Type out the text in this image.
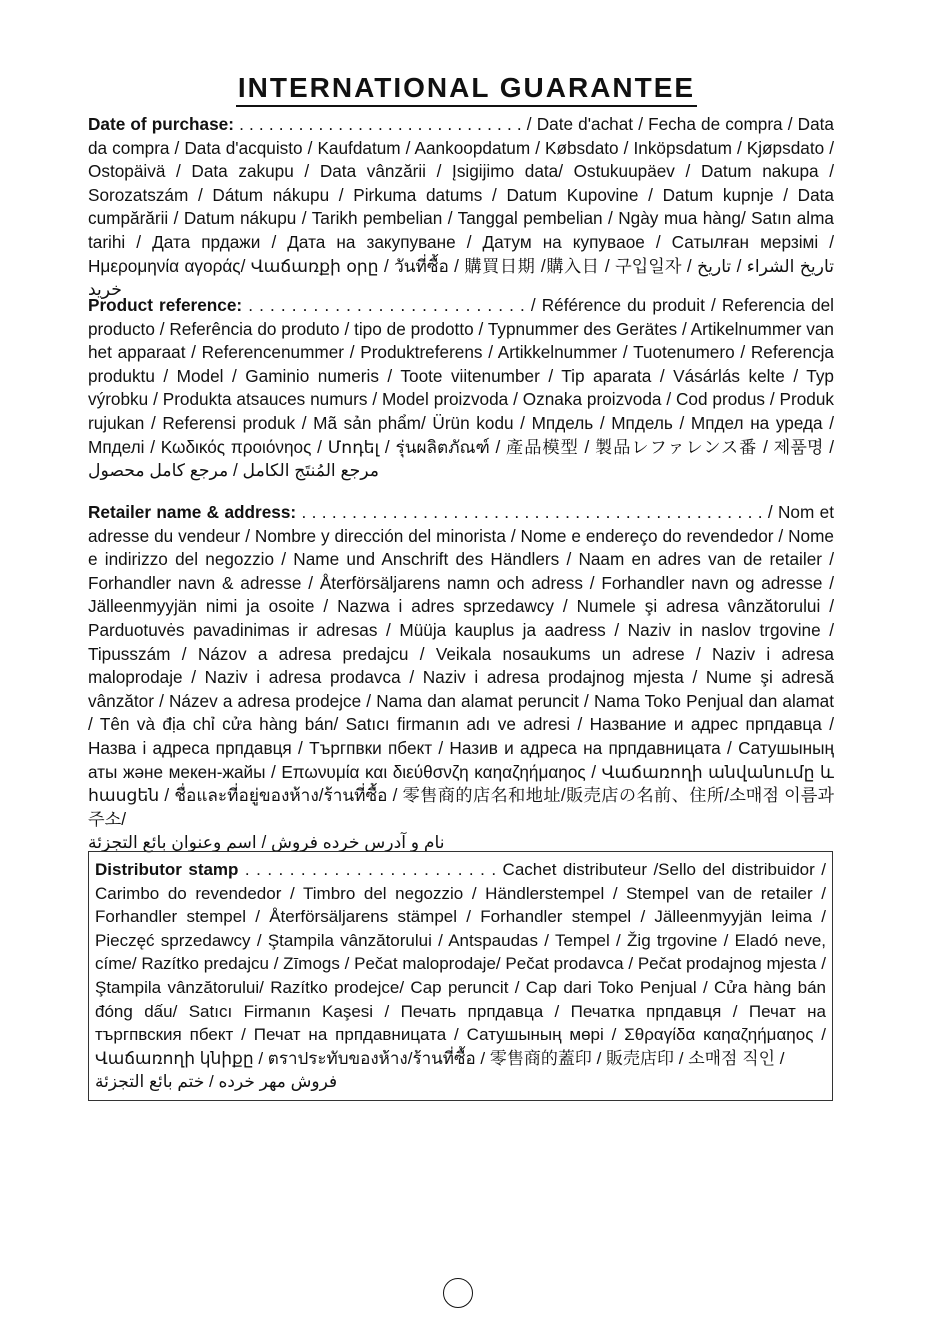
INTERNATIONAL GUARANTEE
Date of purchase: . . . . . . . . . . . . . . . . . . . . . . . . . . . . . / Date d'achat / Fecha de compra / Data da compra / Data d'acquisto / Kaufdatum / Aankoopdatum / Købsdato / Inköpsdatum / Kjøpsdato / Ostopäivä / Data zakupu / Data vânzării / Įsigijimo data/ Ostukuupäev / Datum nakupa / Sorozatszám / Dátum nákupu / Pirkuma datums / Datum Kupovine / Datum kupnje / Data cumpărării / Datum nákupu / Tarikh pembelian / Tanggal pembelian / Ngày mua hàng/ Satın alma tarihi / Дата прдажи / Дата на закупуване / Датум на купувaое / Сатылған мерзімі / Ημερομηνία αγοράς/ Վաճառքի օրը / วันที่ซื้อ / 購買日期 /購入日 / 구입일자 / تاريخ الشراء / تاريخ خريد
Product reference: . . . . . . . . . . . . . . . . . . . . . . . . . . / Référence du produit / Referencia del producto / Referência do produto / tipo de prodotto / Typnummer des Gerätes / Artikelnummer van het apparaat / Referencenummer / Produktreferens / Artikkelnummer / Tuotenumero / Referencja produktu / Model / Gaminio numeris / Toote viitenumber / Tip aparata / Vásárlás kelte / Typ výrobku / Produkta atsauces numurs / Model proizvoda / Oznaka proizvoda / Cod produs / Produk rujukan / Referensi produk / Mã sản phẩm/ Ürün kodu / Мпдель / Мпдель / Мпдел на уреда / Мпделі / Κωδικός προιόνηος / Մոդել / รุ่นผลิตภัณฑ์ / 產品模型 / 製品レファレンス番 / 제품명 / مرجع المُنتَج الكامل / مرجع كامل محصول
Retailer name & address: . . . . . . . . . . . . . . . . . . . . . . . . . . . . . . . . . . . . . . . . . . . . . . / Nom et adresse du vendeur / Nombre y dirección del minorista / Nome e endereço do revendedor / Nome e indirizzo del negozzio / Name und Anschrift des Händlers / Naam en adres van de retailer / Forhandler navn & adresse / Återförsäljarens namn och adress / Forhandler navn og adresse / Jälleenmyyjän nimi ja osoite / Nazwa i adres sprzedawcy / Numele şi adresa vânzătorului / Parduotuvės pavadinimas ir adresas / Müüja kauplus ja aadress / Naziv in naslov trgovine / Tipusszám / Názov a adresa predajcu / Veikala nosaukums un adrese / Naziv i adresa maloprodaje / Naziv i adresa prodavca / Naziv i adresa prodajnog mjesta / Nume şi adresă vânzător / Název a adresa prodejce / Nama dan alamat peruncit / Nama Toko Penjual dan alamat / Tên và địa chỉ cửa hàng bán/ Satıcı firmanın adı ve adresi / Название и адрес прпдавца / Назва і адреса прпдавця / Търгпвки пбект / Назив и адреса на прпдавницата / Сатушының аты және мекен-жайы / Επωνυμία και διεύθσνζη καηαζηήμαηος / Վաճառողի անվանումը և հասցեն / ชื่อและที่อยู่ของห้าง/ร้านที่ซื้อ / 零售商的店名和地址/販売店の名前、住所/소매점 이름과 주소/
نام و آدرس خرده فروش / اسم وعنوان بائع التجزئة
Distributor stamp . . . . . . . . . . . . . . . . . . . . . . . Cachet distributeur /Sello del distribuidor / Carimbo do revendedor / Timbro del negozzio / Händlerstempel / Stempel van de retailer / Forhandler stempel / Återförsäljarens stämpel / Forhandler stempel / Jälleenmyyjän leima / Pieczęć sprzedawcy / Ştampila vânzătorului / Antspaudas / Tempel / Žig trgovine / Eladó neve, címe/ Razítko predajcu / Zīmogs / Pečat maloprodaje/ Pečat prodavca / Pečat prodajnog mjesta / Ştampila vânzătorului/ Razítko prodejce/ Cap peruncit / Cap dari Toko Penjual / Cửa hàng bán đóng dấu/ Satıcı Firmanın Kaşesi / Печать прпдавца / Печатка прпдавця / Печат на търгпвския пбект / Печат на прпдавницата / Сатушының мөрі / Σθραγίδα καηαζηήμαηος / Վաճառողի կնիքը / ตราประทับของห้าง/ร้านที่ซื้อ / 零售商的蓋印 / 販売店印 / 소매점 직인 /
فروش مهر خرده / ختم بائع التجزئة
